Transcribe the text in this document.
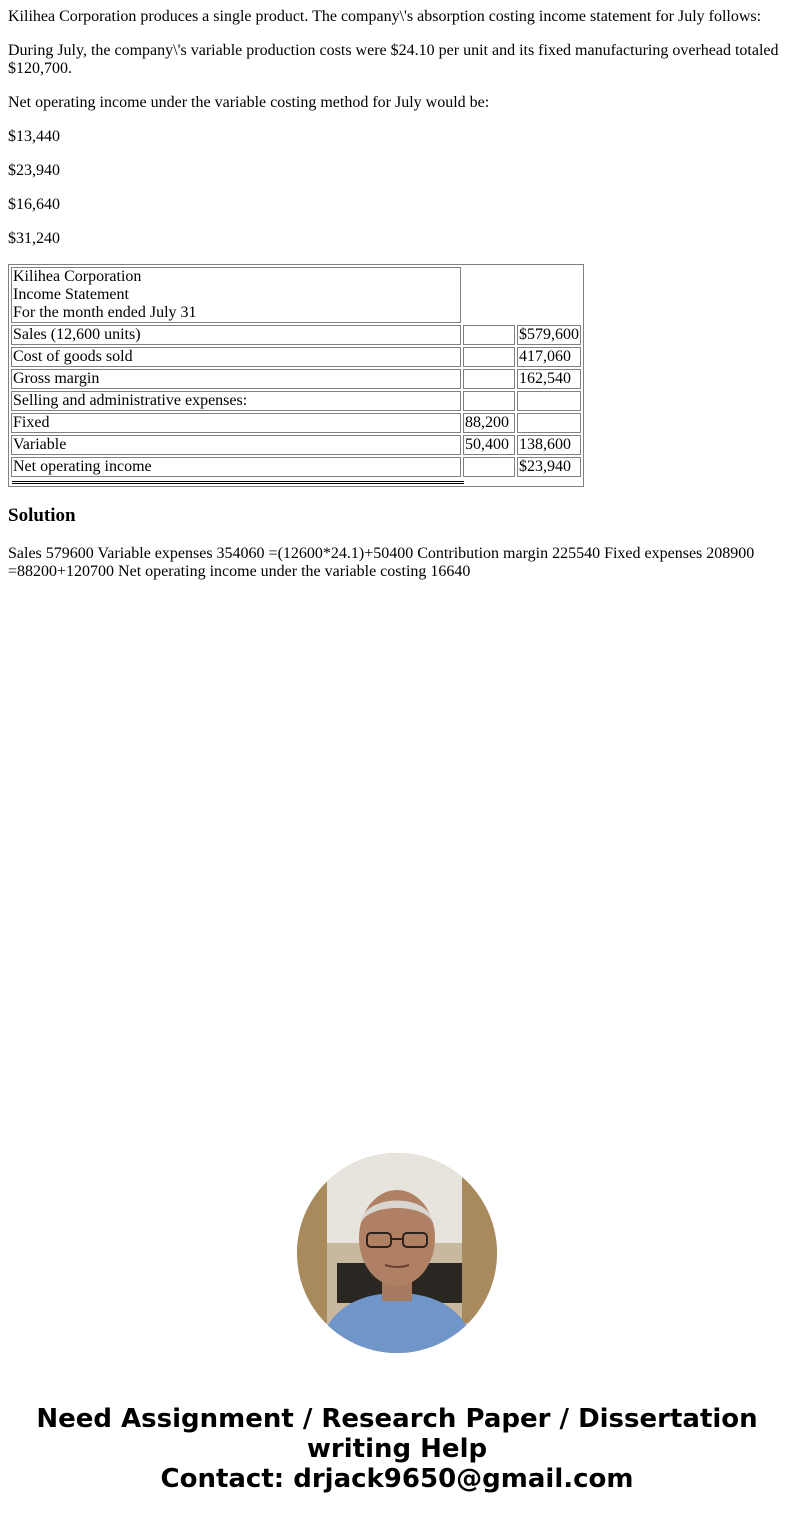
Kilihea Corporation produces a single product. The company\'s absorption costing income statement for July follows:

During July, the company\'s variable production costs were $24.10 per unit and its fixed manufacturing overhead totaled $120,700.

Net operating income under the variable costing method for July would be:

$13,440

$23,940

$16,640

$31,240

Kilihea Corporation
Income Statement
For the month ended July 31		

Sales (12,600 units)		$579,600
Cost of goods sold		417,060
Gross margin		162,540
Selling and administrative expenses:		
Fixed	88,200	
Variable	50,400	138,600
Net operating income		$23,940

Solution

Sales 579600 Variable expenses 354060 =(12600*24.1)+50400 Contribution margin 225540 Fixed expenses 208900 =88200+120700 Net operating income under the variable costing 16640

Need Assignment / Research Paper / Dissertation
writing Help
Contact: drjack9650@gmail.com
